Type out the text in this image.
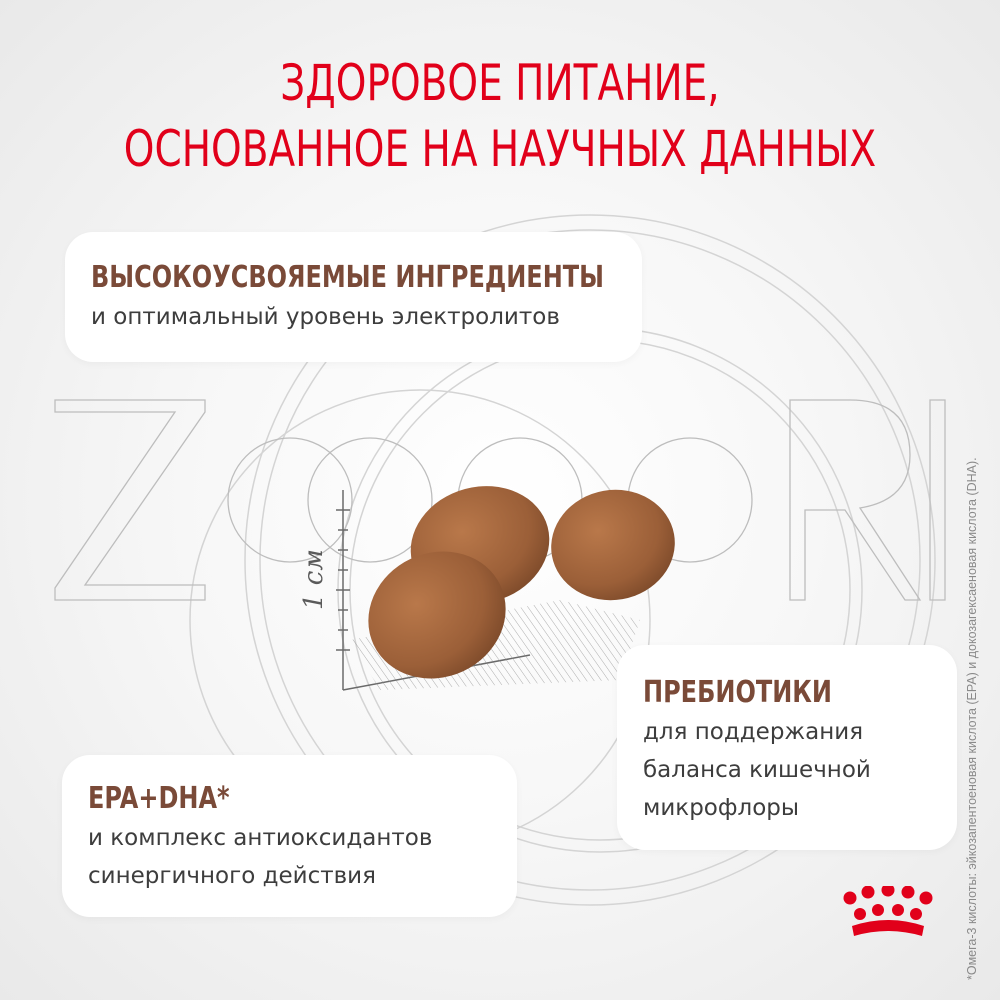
1 см
ЗДОРОВОЕ ПИТАНИЕ,
ОСНОВАННОЕ НА НАУЧНЫХ ДАННЫХ
ВЫСОКОУСВОЯЕМЫЕ ИНГРЕДИЕНТЫ
и оптимальный уровень электролитов
ПРЕБИОТИКИ
для поддержания
баланса кишечной
микрофлоры
EPA+DHA*
и комплекс антиоксидантов
синергичного действия	*Омега-3 кислоты: эйкозапентоеновая кислота (EPA) и докозагексаеновая кислота (DHA).
